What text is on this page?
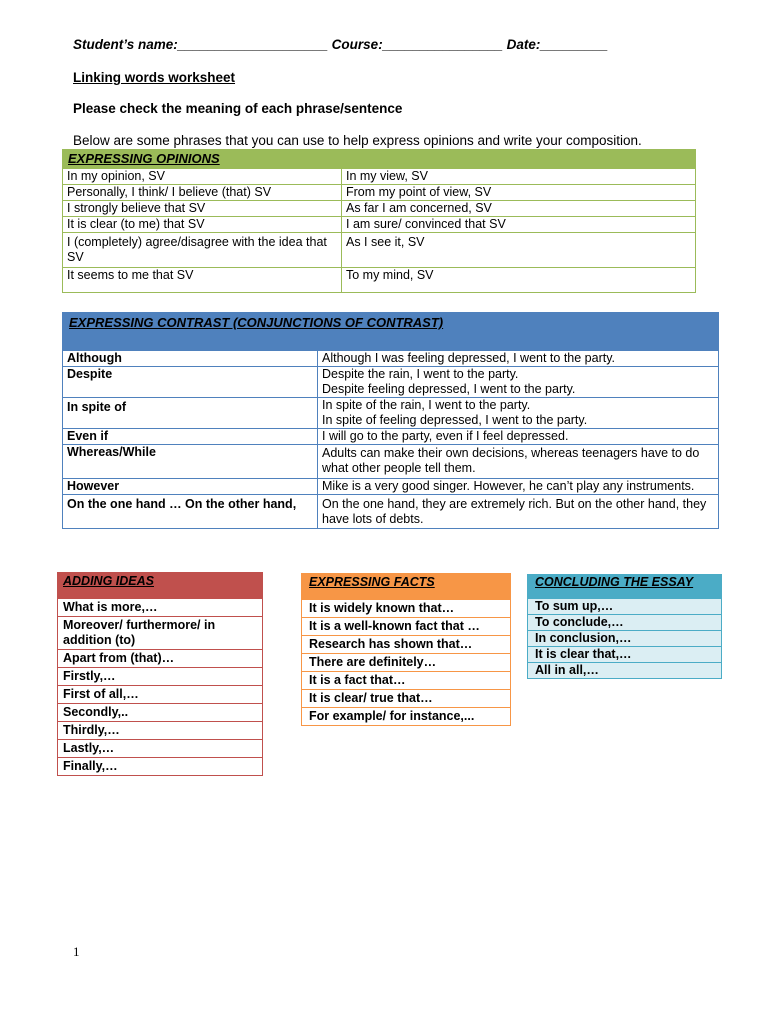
Student’s name:____________________ Course:________________ Date:_________
Linking words worksheet
Please check the meaning of each phrase/sentence
Below are some phrases that you can use to help express opinions and write your composition.
EXPRESSING OPINIONS	
In my opinion, SV	In my view, SV
Personally, I think/ I believe (that) SV	From my point of view, SV
I strongly believe that SV	As far I am concerned, SV
It is clear (to me) that SV	I am sure/ convinced that SV
I (completely) agree/disagree with the idea that SV	As I see it, SV
It seems to me that SV	To my mind, SV
EXPRESSING CONTRAST (CONJUNCTIONS OF CONTRAST)	
Although	Although I was feeling depressed, I went to the party.
Despite	Despite the rain, I went to the party.
Despite feeling depressed, I went to the party.

In spite of	In spite of the rain, I went to the party.
In spite of feeling depressed, I went to the party.

Even if	I will go to the party, even if I feel depressed.
Whereas/While	Adults can make their own decisions, whereas teenagers have to do what other people tell them.
However	Mike is a very good singer. However, he can’t play any instruments.
On the one hand … On the other hand,	On the one hand, they are extremely rich. But on the other hand, they have lots of debts.
ADDING IDEAS
What is more,…
Moreover/ furthermore/ in addition (to)
Apart from (that)…
Firstly,…
First of all,…
Secondly,..
Thirdly,…
Lastly,…
Finally,…
EXPRESSING FACTS
It is widely known that…
It is a well-known fact that …
Research has shown that…
There are definitely…
It is a fact that…
It is clear/ true that…
For example/ for instance,...
CONCLUDING THE ESSAY
To sum up,…
To conclude,…
In conclusion,…
It is clear that,…
All in all,…
1
